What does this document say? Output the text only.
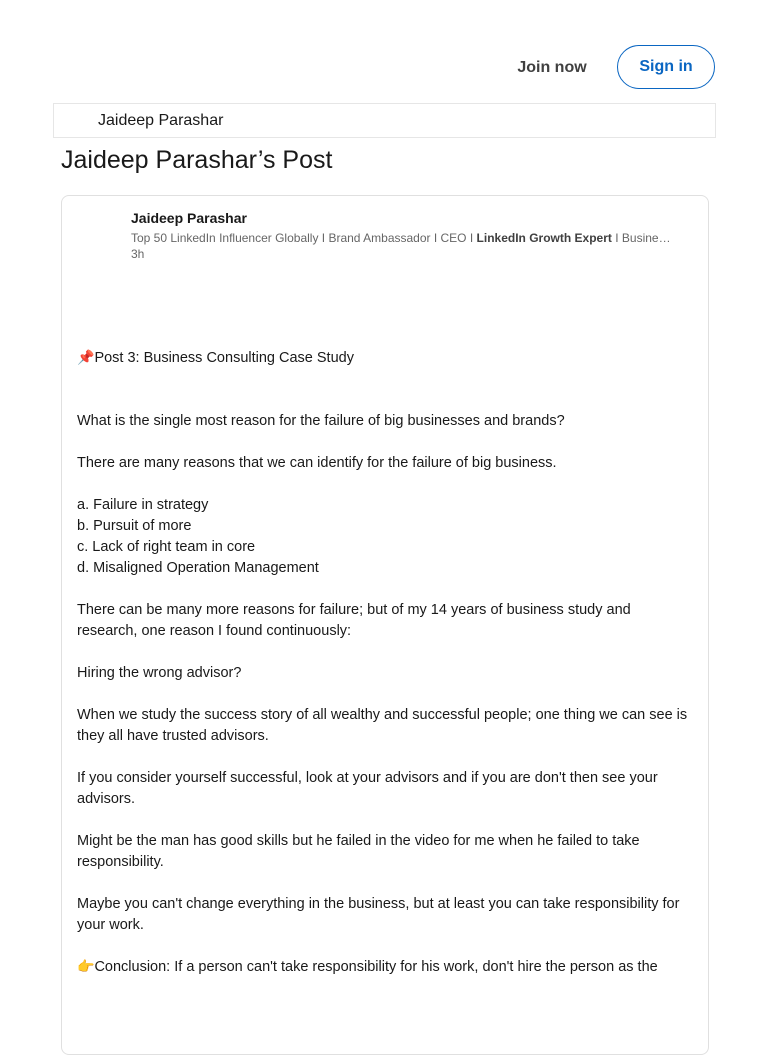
Join now	Sign in
Jaideep Parashar
Jaideep Parashar’s Post
Jaideep Parashar
Top 50 LinkedIn Influencer Globally I Brand Ambassador I CEO I LinkedIn Growth Expert I Busine…
3h

📌Post 3: Business Consulting Case Study

What is the single most reason for the failure of big businesses and brands?

There are many reasons that we can identify for the failure of big business.

a. Failure in strategy

b. Pursuit of more

c. Lack of right team in core

d. Misaligned Operation Management

There can be many more reasons for failure; but of my 14 years of business study and research, one reason I found continuously:

Hiring the wrong advisor?

When we study the success story of all wealthy and successful people; one thing we can see is they all have trusted advisors.

If you consider yourself successful, look at your advisors and if you are don't then see your advisors.

Might be the man has good skills but he failed in the video for me when he failed to take responsibility.

Maybe you can't change everything in the business, but at least you can take responsibility for your work.

👉Conclusion: If a person can't take responsibility for his work, don't hire the person as the
